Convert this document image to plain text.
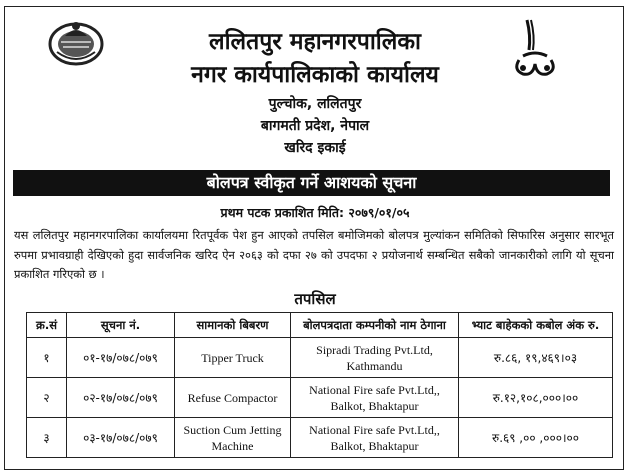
ललितपुर महानगरपालिका
नगर कार्यपालिकाको कार्यालय
पुल्चोक, ललितपुर
बागमती प्रदेश, नेपाल
खरिद इकाई
बोलपत्र स्वीकृत गर्ने आशयको सूचना
प्रथम पटक प्रकाशित मिति: २०७९/०१/०५
यस ललितपुर महानगरपालिका कार्यालयमा रितपूर्वक पेश हुन आएको तपसिल बमोजिमको बोलपत्र मुल्यांकन समितिको सिफारिस अनुसार सारभूत रुपमा प्रभावग्राही देखिएको हुदा सार्वजनिक खरिद ऐन २०६३ को दफा २७ को उपदफा २ प्रयोजनार्थ सम्बन्धित सबैको जानकारीको लागि यो सूचना प्रकाशित गरिएको छ ।
तपसिल
क्र.सं	सूचना नं.	सामानको बिबरण	बोलपत्रदाता कम्पनीको नाम ठेगाना	भ्याट बाहेकको कबोल अंक रु.
१	०१-१७/०७८/०७९	Tipper Truck	Sipradi Trading Pvt.Ltd, Kathmandu	रु.८६, १९,४६९।०३
२	०२-१७/०७८/०७९	Refuse Compactor	National Fire safe Pvt.Ltd,, Balkot, Bhaktapur	रु.१२,१०८,०००।००
३	०३-१७/०७८/०७९	Suction Cum Jetting Machine	National Fire safe Pvt.Ltd,, Balkot, Bhaktapur	रु.६९ ,०० ,०००।००
